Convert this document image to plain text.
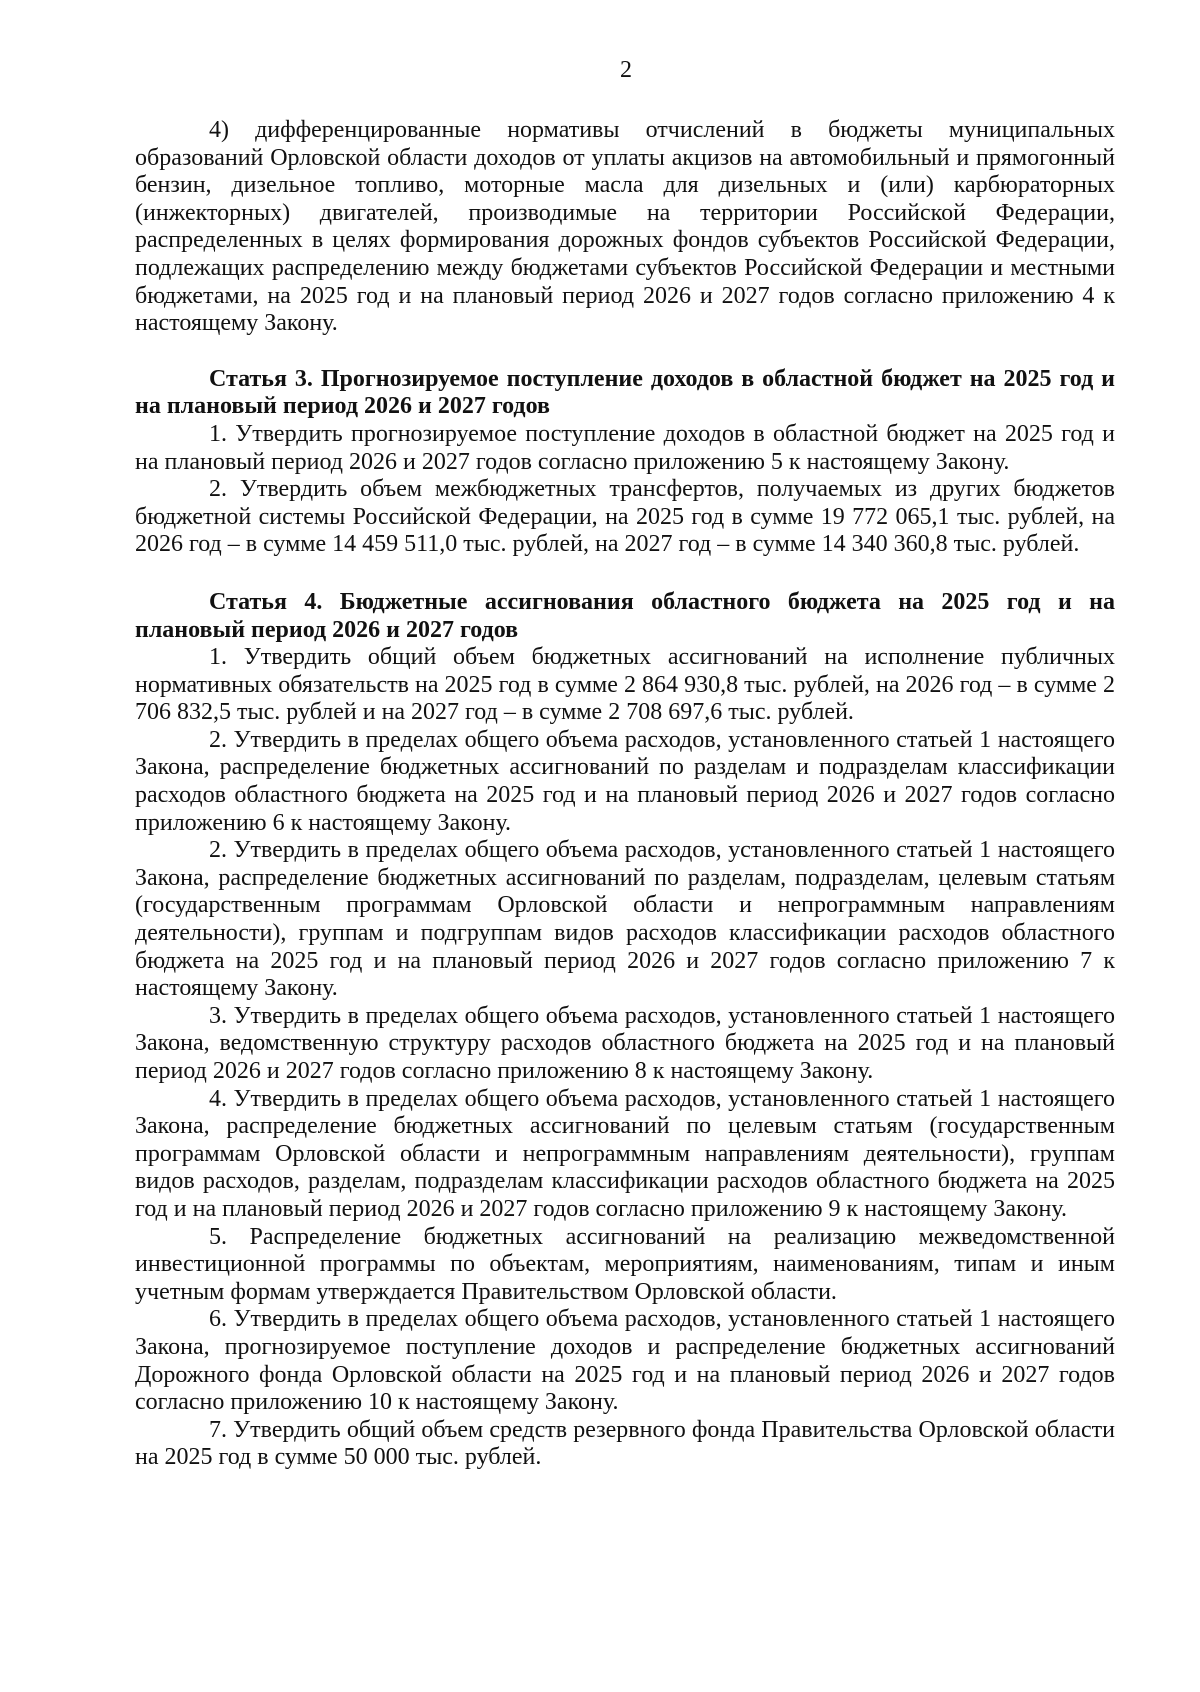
2

4) дифференцированные нормативы отчислений в бюджеты муниципальных образований Орловской области доходов от уплаты акцизов на автомобильный и прямогонный бензин, дизельное топливо, моторные масла для дизельных и (или) карбюраторных (инжекторных) двигателей, производимые на территории Российской Федерации, распределенных в целях формирования дорожных фондов субъектов Российской Федерации, подлежащих распределению между бюджетами субъектов Российской Федерации и местными бюджетами, на 2025 год и на плановый период 2026 и 2027 годов согласно приложению 4 к настоящему Закону.

Статья 3. Прогнозируемое поступление доходов в областной бюджет на 2025 год и на плановый период 2026 и 2027 годов

1. Утвердить прогнозируемое поступление доходов в областной бюджет на 2025 год и на плановый период 2026 и 2027 годов согласно приложению 5 к настоящему Закону.

2. Утвердить объем межбюджетных трансфертов, получаемых из других бюджетов бюджетной системы Российской Федерации, на 2025 год в сумме 19 772 065,1 тыс. рублей, на 2026 год – в сумме 14 459 511,0 тыс. рублей, на 2027 год – в сумме 14 340 360,8 тыс. рублей.

Статья 4. Бюджетные ассигнования областного бюджета на 2025 год и на плановый период 2026 и 2027 годов

1. Утвердить общий объем бюджетных ассигнований на исполнение публичных нормативных обязательств на 2025 год в сумме 2 864 930,8 тыс. рублей, на 2026 год – в сумме 2 706 832,5 тыс. рублей и на 2027 год – в сумме 2 708 697,6 тыс. рублей.

2. Утвердить в пределах общего объема расходов, установленного статьей 1 настоящего Закона, распределение бюджетных ассигнований по разделам и подразделам классификации расходов областного бюджета на 2025 год и на плановый период 2026 и 2027 годов согласно приложению 6 к настоящему Закону.

2. Утвердить в пределах общего объема расходов, установленного статьей 1 настоящего Закона, распределение бюджетных ассигнований по разделам, подразделам, целевым статьям (государственным программам Орловской области и непрограммным направлениям деятельности), группам и подгруппам видов расходов классификации расходов областного бюджета на 2025 год и на плановый период 2026 и 2027 годов согласно приложению 7 к настоящему Закону.

3. Утвердить в пределах общего объема расходов, установленного статьей 1 настоящего Закона, ведомственную структуру расходов областного бюджета на 2025 год и на плановый период 2026 и 2027 годов согласно приложению 8 к настоящему Закону.

4. Утвердить в пределах общего объема расходов, установленного статьей 1 настоящего Закона, распределение бюджетных ассигнований по целевым статьям (государственным программам Орловской области и непрограммным направлениям деятельности), группам видов расходов, разделам, подразделам классификации расходов областного бюджета на 2025 год и на плановый период 2026 и 2027 годов согласно приложению 9 к настоящему Закону.

5. Распределение бюджетных ассигнований на реализацию межведомственной инвестиционной программы по объектам, мероприятиям, наименованиям, типам и иным учетным формам утверждается Правительством Орловской области.

6. Утвердить в пределах общего объема расходов, установленного статьей 1 настоящего Закона, прогнозируемое поступление доходов и распределение бюджетных ассигнований Дорожного фонда Орловской области на 2025 год и на плановый период 2026 и 2027 годов согласно приложению 10 к настоящему Закону.

7. Утвердить общий объем средств резервного фонда Правительства Орловской области на 2025 год в сумме 50 000 тыс. рублей.
